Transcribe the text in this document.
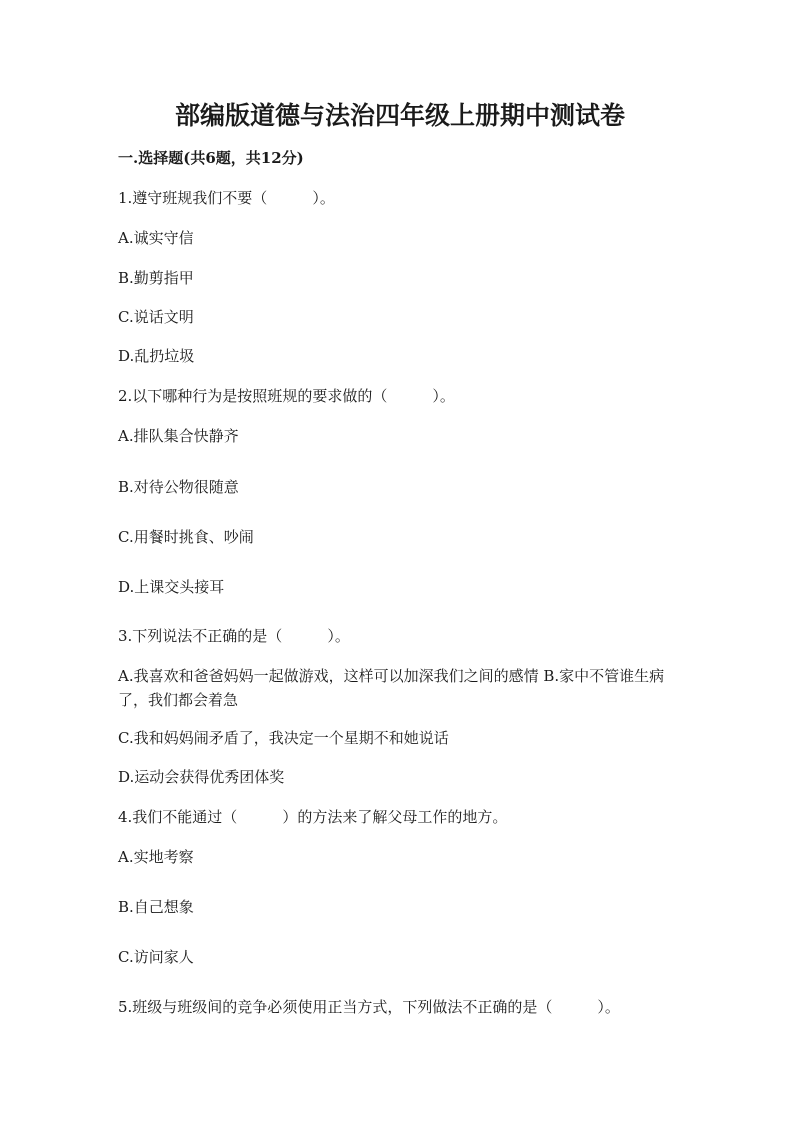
部编版道德与法治四年级上册期中测试卷
一.选择题(共6题，共12分)
1.遵守班规我们不要（　　　）。
A.诚实守信
B.勤剪指甲
C.说话文明
D.乱扔垃圾
2.以下哪种行为是按照班规的要求做的（　　　）。
A.排队集合快静齐
B.对待公物很随意
C.用餐时挑食、吵闹
D.上课交头接耳
3.下列说法不正确的是（　　　）。
A.我喜欢和爸爸妈妈一起做游戏，这样可以加深我们之间的感情 B.家中不管谁生病了，我们都会着急
C.我和妈妈闹矛盾了，我决定一个星期不和她说话
D.运动会获得优秀团体奖
4.我们不能通过（　　　）的方法来了解父母工作的地方。
A.实地考察
B.自己想象
C.访问家人
5.班级与班级间的竞争必须使用正当方式，下列做法不正确的是（　　　）。
